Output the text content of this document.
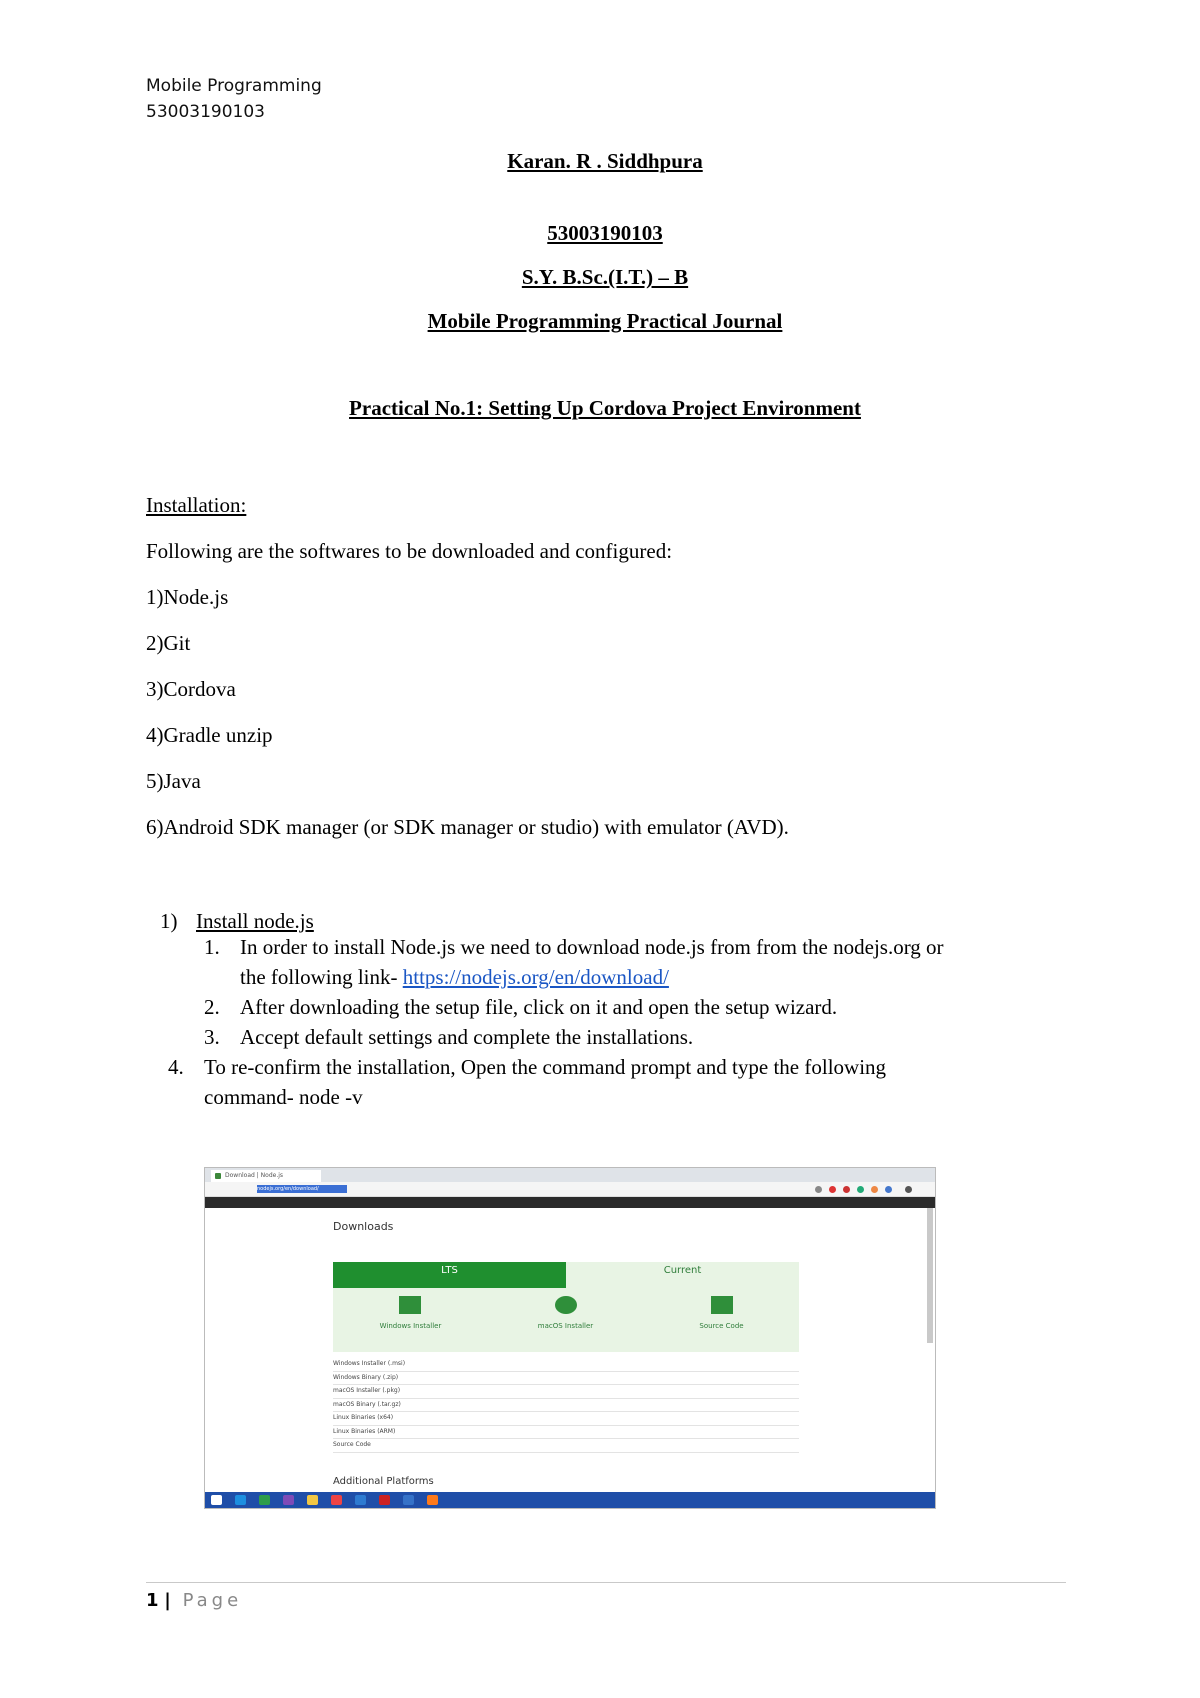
Mobile Programming
53003190103
Karan. R . Siddhpura
53003190103
S.Y. B.Sc.(I.T.) – B
Mobile Programming Practical Journal
Practical No.1: Setting Up Cordova Project Environment
Installation:
Following are the softwares to be downloaded and configured:
1)Node.js
2)Git
3)Cordova
4)Gradle unzip
5)Java
6)Android SDK manager (or SDK manager or studio) with emulator (AVD).
1) Install node.js
1. In order to install Node.js we need to download node.js from from the nodejs.org or
the following link- https://nodejs.org/en/download/
2. After downloading the setup file, click on it and open the setup wizard.
3. Accept default settings and complete the installations.
4. To re-confirm the installation, Open the command prompt and type the following
command- node -v
Download | Node.js
nodejs.org/en/download/
Downloads
LTS	Current
Windows Installer	macOS Installer	Source Code
Windows Installer (.msi)
Windows Binary (.zip)
macOS Installer (.pkg)
macOS Binary (.tar.gz)
Linux Binaries (x64)
Linux Binaries (ARM)
Source Code
Additional Platforms
1 | Page
